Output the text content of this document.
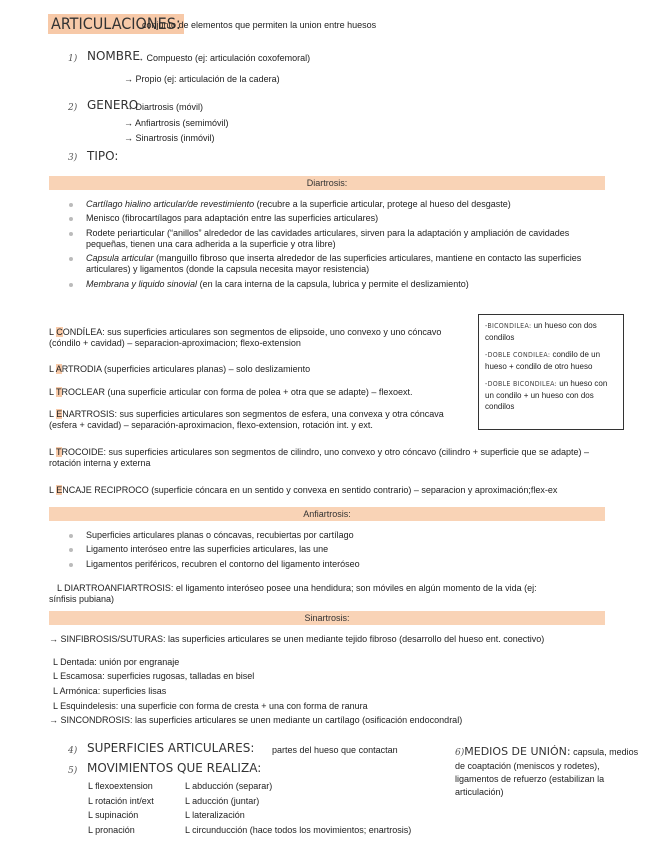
ARTICULACIONES:
conjunto de elementos que permiten la union entre huesos
1) NOMBRE
→ Compuesto (ej: articulación coxofemoral)
→ Propio (ej: articulación de la cadera)
2) GENERO
→ Diartrosis (móvil)
→ Anfiartrosis (semimóvil)
→ Sinartrosis (inmóvil)
3) TIPO:
Diartrosis:
Cartílago hialino articular/de revestimiento (recubre a la superficie articular, protege al hueso del desgaste)
Menisco (fibrocartílagos para adaptación entre las superficies articulares)
Rodete periarticular (“anillos” alrededor de las cavidades articulares, sirven para la adaptación y ampliación de cavidades pequeñas, tienen una cara adherida a la superficie y otra libre)
Capsula articular (manguillo fibroso que inserta alrededor de las superficies articulares, mantiene en contacto las superficies articulares) y ligamentos (donde la capsula necesita mayor resistencia)
Membrana y liquido sinovial (en la cara interna de la capsula, lubrica y permite el deslizamiento)
L CONDÍLEA: sus superficies articulares son segmentos de elipsoide, uno convexo y uno cóncavo (cóndilo + cavidad) – separacion-aproximacion; flexo-extension
L ARTRODIA (superficies articulares planas) – solo deslizamiento
L TROCLEAR (una superficie articular con forma de polea + otra que se adapte) – flexoext.
L ENARTROSIS: sus superficies articulares son segmentos de esfera, una convexa y otra cóncava (esfera + cavidad) – separación-aproximacion, flexo-extension, rotación int. y ext.
L TROCOIDE: sus superficies articulares son segmentos de cilindro, uno convexo y otro cóncavo (cilindro + superficie que se adapte) – rotación interna y externa
L ENCAJE RECIPROCO (superficie cóncara en un sentido y convexa en sentido contrario) – separacion y aproximación;flex-ex
-BICONDILEA: un hueso con dos condilos
-DOBLE CONDILEA: condilo de un hueso + condilo de otro hueso
-DOBLE BICONDILEA: un hueso con un condilo + un hueso con dos condilos
Anfiartrosis:
Superficies articulares planas o cóncavas, recubiertas por cartílago
Ligamento interóseo entre las superficies articulares, las une
Ligamentos periféricos, recubren el contorno del ligamento interóseo
L DIARTROANFIARTROSIS: el ligamento interóseo posee una hendidura; son móviles en algún momento de la vida (ej: sínfisis pubiana)
Sinartrosis:
→ SINFIBROSIS/SUTURAS: las superficies articulares se unen mediante tejido fibroso (desarrollo del hueso ent. conectivo)
L Dentada: unión por engranaje
L Escamosa: superficies rugosas, talladas en bisel
L Armónica: superficies lisas
L Esquindelesis: una superficie con forma de cresta + una con forma de ranura
→ SINCONDROSIS: las superficies articulares se unen mediante un cartílago (osificación endocondral)
4) SUPERFICIES ARTICULARES: partes del hueso que contactan
5) MOVIMIENTOS QUE REALIZA:
L flexoextension
L rotación int/ext
L supinación
L pronación
L abducción (separar)
L aducción (juntar)
L lateralización
L circunducción (hace todos los movimientos; enartrosis)
6)MEDIOS DE UNIÓN: capsula, medios de coaptación (meniscos y rodetes), ligamentos de refuerzo (estabilizan la articulación)
